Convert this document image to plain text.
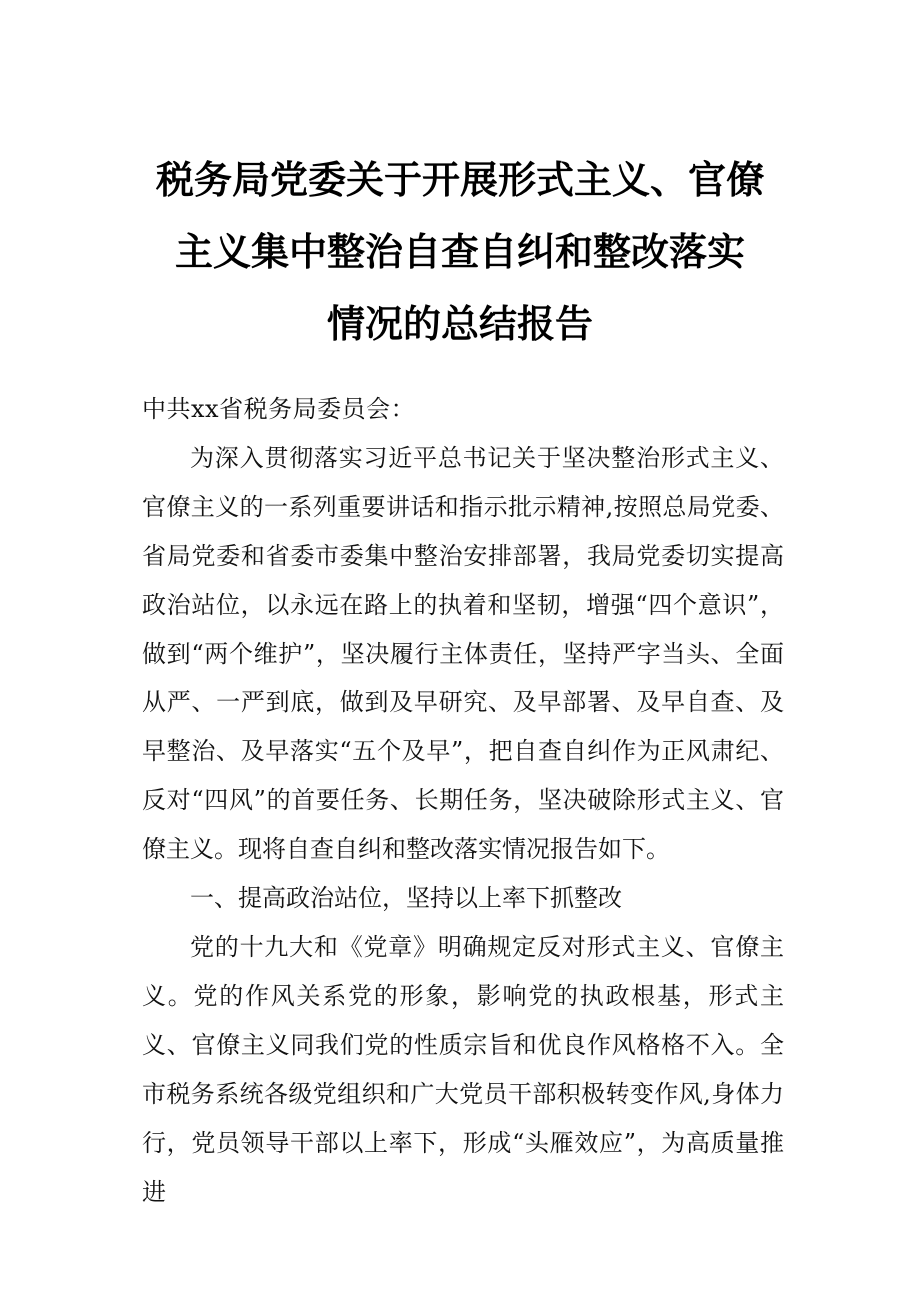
税务局党委关于开展形式主义、官僚
主义集中整治自查自纠和整改落实
情况的总结报告

中共xx省税务局委员会：

为深入贯彻落实习近平总书记关于坚决整治形式主义、官僚主义的一系列重要讲话和指示批示精神,按照总局党委、省局党委和省委市委集中整治安排部署，我局党委切实提高政治站位，以永远在路上的执着和坚韧，增强“四个意识”，做到“两个维护”，坚决履行主体责任，坚持严字当头、全面从严、一严到底，做到及早研究、及早部署、及早自查、及早整治、及早落实“五个及早”，把自查自纠作为正风肃纪、反对“四风”的首要任务、长期任务，坚决破除形式主义、官僚主义。现将自查自纠和整改落实情况报告如下。

一、提高政治站位，坚持以上率下抓整改

党的十九大和《党章》明确规定反对形式主义、官僚主义。党的作风关系党的形象，影响党的执政根基，形式主义、官僚主义同我们党的性质宗旨和优良作风格格不入。全市税务系统各级党组织和广大党员干部积极转变作风,身体力行，党员领导干部以上率下，形成“头雁效应”，为高质量推进
